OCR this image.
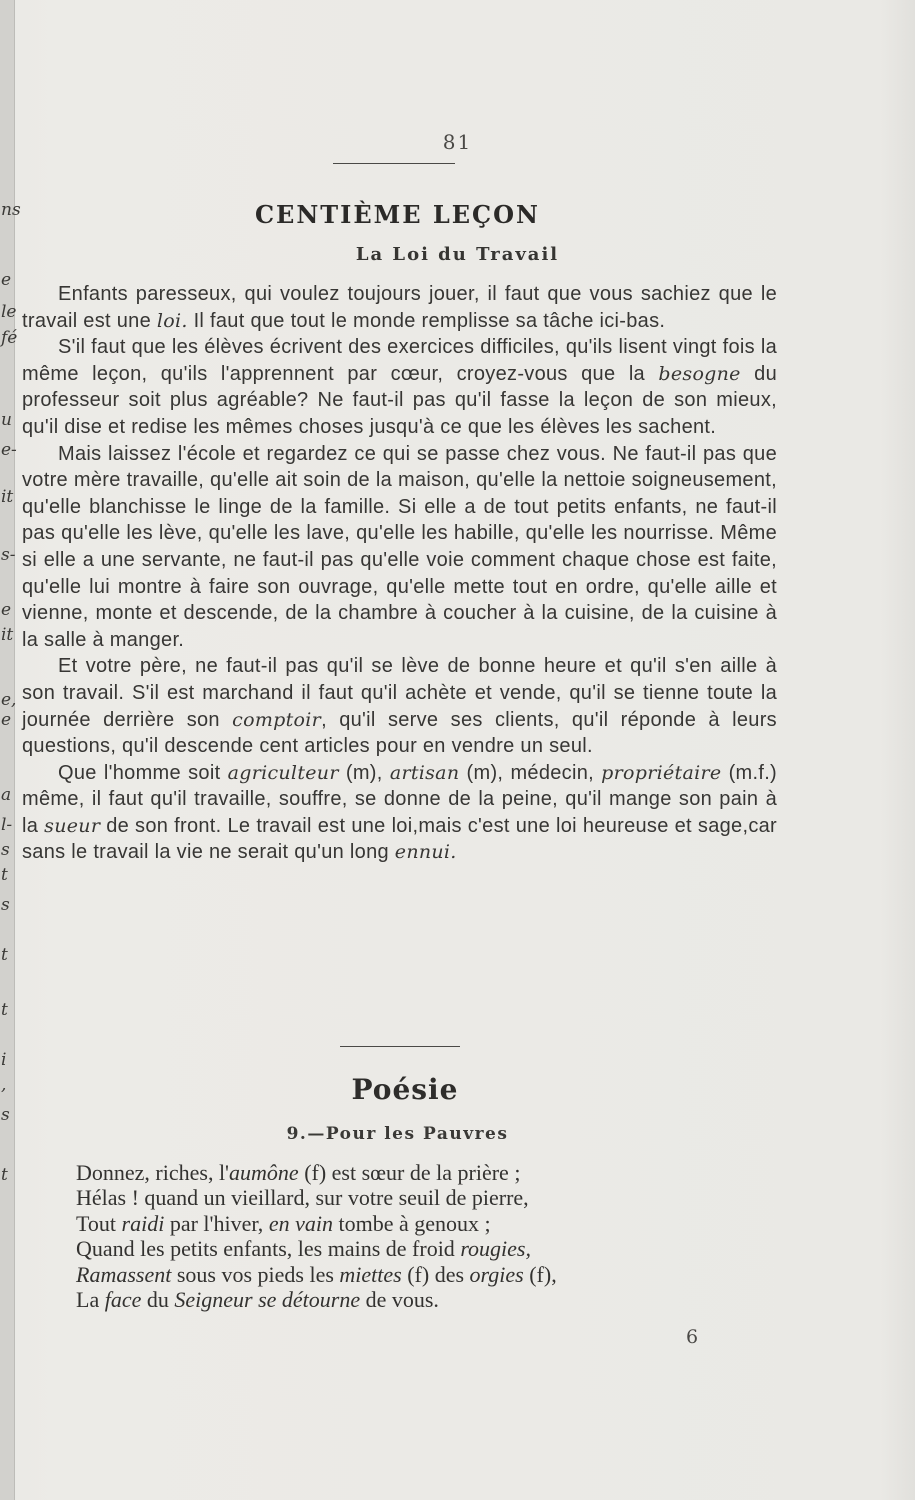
ns
e
le
fé
u
e-
it
s-
e
it
e,
e
a
l-
s
t
s
t
t
i
,
s
t
81
CENTIÈME LEÇON
La Loi du Travail

Enfants paresseux, qui voulez toujours jouer, il faut que vous sachiez que le travail est une loi. Il faut que tout le monde remplisse sa tâche ici-bas.

S'il faut que les élèves écrivent des exercices difficiles, qu'ils lisent vingt fois la même leçon, qu'ils l'apprennent par cœur, croyez-vous que la besogne du professeur soit plus agréable? Ne faut-il pas qu'il fasse la leçon de son mieux, qu'il dise et redise les mêmes choses jusqu'à ce que les élèves les sachent.

Mais laissez l'école et regardez ce qui se passe chez vous. Ne faut-il pas que votre mère travaille, qu'elle ait soin de la maison, qu'elle la nettoie soigneusement, qu'elle blanchisse le linge de la famille. Si elle a de tout petits enfants, ne faut-il pas qu'elle les lève, qu'elle les lave, qu'elle les habille, qu'elle les nourrisse. Même si elle a une servante, ne faut-il pas qu'elle voie comment chaque chose est faite, qu'elle lui montre à faire son ouvrage, qu'elle mette tout en ordre, qu'elle aille et vienne, monte et descende, de la chambre à coucher à la cuisine, de la cuisine à la salle à manger.

Et votre père, ne faut-il pas qu'il se lève de bonne heure et qu'il s'en aille à son travail. S'il est marchand il faut qu'il achète et vende, qu'il se tienne toute la journée derrière son comptoir, qu'il serve ses clients, qu'il réponde à leurs questions, qu'il descende cent articles pour en vendre un seul.

Que l'homme soit agriculteur (m), artisan (m), médecin, propriétaire (m.f.) même, il faut qu'il travaille, souffre, se donne de la peine, qu'il mange son pain à la sueur de son front. Le travail est une loi,mais c'est une loi heureuse et sage,car sans le travail la vie ne serait qu'un long ennui.

Poésie
9.—Pour les Pauvres
Donnez, riches, l'aumône (f) est sœur de la prière ;
Hélas ! quand un vieillard, sur votre seuil de pierre,
Tout raidi par l'hiver, en vain tombe à genoux ;
Quand les petits enfants, les mains de froid rougies,
Ramassent sous vos pieds les miettes (f) des orgies (f),
La face du Seigneur se détourne de vous.
6
